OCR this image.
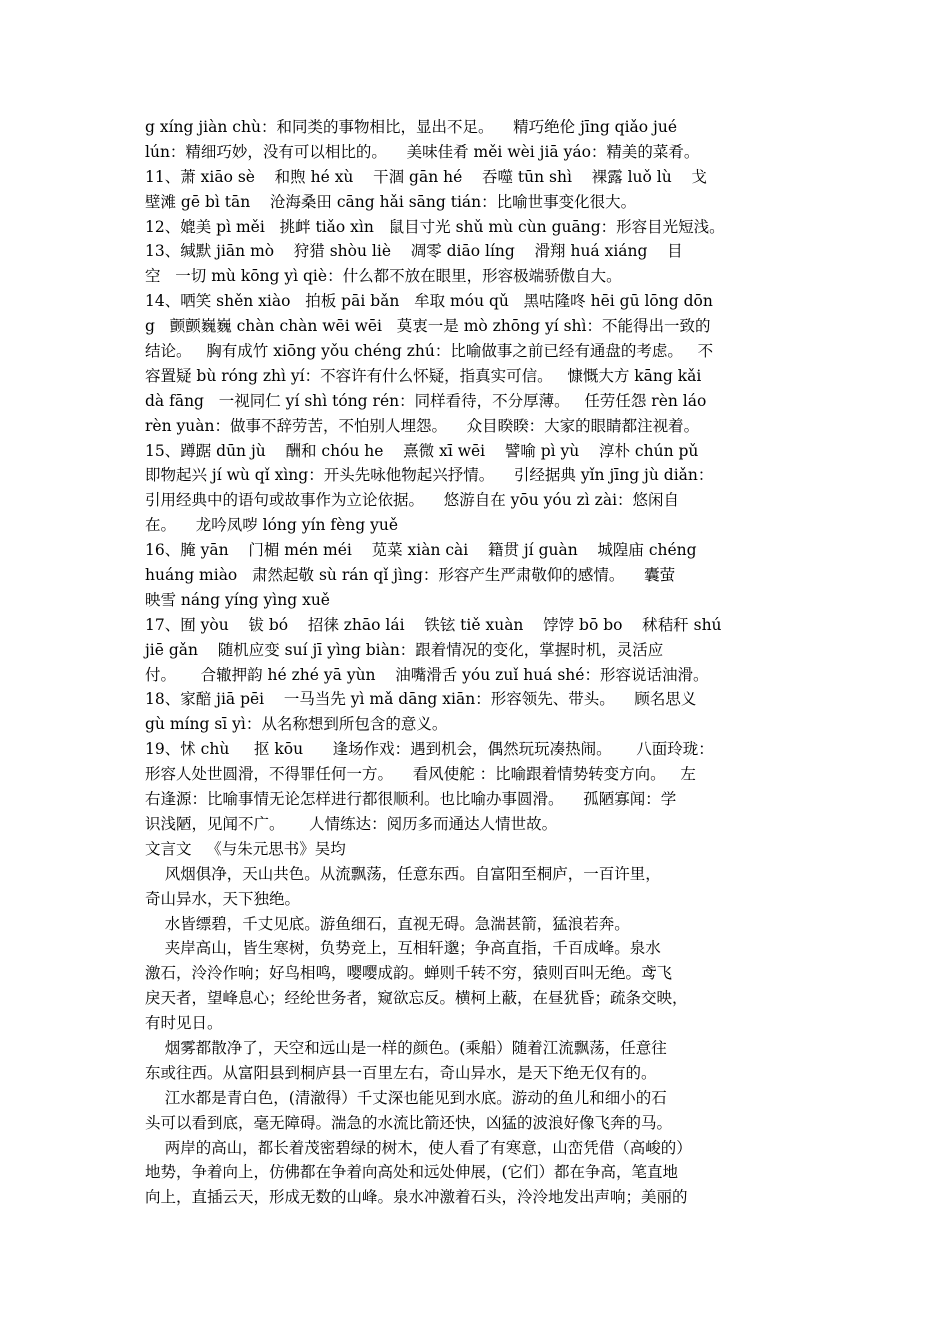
g xíng jiàn chù：和同类的事物相比，显出不足。    精巧绝伦 jīng qiǎo jué
lún：精细巧妙，没有可以相比的。    美味佳肴 měi wèi jiā yáo：精美的菜肴。
11、萧 xiāo sè    和煦 hé xù    干涸 gān hé    吞噬 tūn shì    裸露 luǒ lù    戈
壁滩 gē bì tān    沧海桑田 cāng hǎi sāng tián：比喻世事变化很大。
12、媲美 pì měi   挑衅 tiǎo xìn   鼠目寸光 shǔ mù cùn guāng：形容目光短浅。
13、缄默 jiān mò    狩猎 shòu liè    凋零 diāo líng    滑翔 huá xiáng    目
空   一切 mù kōng yì qiè：什么都不放在眼里，形容极端骄傲自大。
14、哂笑 shěn xiào   拍板 pāi bǎn   牟取 móu qǔ   黑咕隆咚 hēi gū lōng dōn
g   颤颤巍巍 chàn chàn wēi wēi   莫衷一是 mò zhōng yí shì：不能得出一致的
结论。   胸有成竹 xiōng yǒu chéng zhú：比喻做事之前已经有通盘的考虑。   不
容置疑 bù róng zhì yí：不容许有什么怀疑，指真实可信。   慷慨大方 kāng kǎi
dà fāng   一视同仁 yí shì tóng rén：同样看待，不分厚薄。   任劳任怨 rèn láo
rèn yuàn：做事不辞劳苦，不怕别人埋怨。    众目睽睽：大家的眼睛都注视着。
15、蹲踞 dūn jù    酬和 chóu he    熹微 xī wēi    譬喻 pì yù    淳朴 chún pǔ
即物起兴 jí wù qǐ xìng：开头先咏他物起兴抒情。    引经据典 yǐn jīng jù diǎn：
引用经典中的语句或故事作为立论依据。    悠游自在 yōu yóu zì zài：悠闲自
在。    龙吟凤哕 lóng yín fèng yuě
16、腌 yān    门楣 mén méi    苋菜 xiàn cài    籍贯 jí guàn    城隍庙 chéng
huáng miào   肃然起敬 sù rán qǐ jìng：形容产生严肃敬仰的感情。    囊萤
映雪 náng yíng yìng xuě
17、囿 yòu    钹 bó    招徕 zhāo lái    铁铉 tiě xuàn    饽饽 bō bo    秫秸秆 shú
jiē gǎn    随机应变 suí jī yìng biàn：跟着情况的变化，掌握时机，灵活应
付。     合辙押韵 hé zhé yā yùn    油嘴滑舌 yóu zuǐ huá shé：形容说话油滑。
18、家醅 jiā pēi    一马当先 yì mǎ dāng xiān：形容领先、带头。    顾名思义
gù míng sī yì：从名称想到所包含的意义。
19、怵 chù     抠 kōu      逢场作戏：遇到机会，偶然玩玩凑热闹。     八面玲珑：
形容人处世圆滑，不得罪任何一方。    看风使舵 ：比喻跟着情势转变方向。   左
右逢源：比喻事情无论怎样进行都很顺利。也比喻办事圆滑。    孤陋寡闻：学
识浅陋，见闻不广。     人情练达：阅历多而通达人情世故。
文言文   《与朱元思书》吴均
风烟俱净，天山共色。从流飘荡，任意东西。自富阳至桐庐，一百许里，
奇山异水，天下独绝。
水皆缥碧，千丈见底。游鱼细石，直视无碍。急湍甚箭，猛浪若奔。
夹岸高山，皆生寒树，负势竞上，互相轩邈；争高直指，千百成峰。泉水
激石，泠泠作响；好鸟相鸣，嘤嘤成韵。蝉则千转不穷，猿则百叫无绝。鸢飞
戾天者，望峰息心；经纶世务者，窥欲忘反。横柯上蔽，在昼犹昏；疏条交映，
有时见日。
烟雾都散净了，天空和远山是一样的颜色。(乘船）随着江流飘荡，任意往
东或往西。从富阳县到桐庐县一百里左右，奇山异水，是天下绝无仅有的。
江水都是青白色，(清澈得）千丈深也能见到水底。游动的鱼儿和细小的石
头可以看到底，毫无障碍。湍急的水流比箭还快，凶猛的波浪好像飞奔的马。
两岸的高山，都长着茂密碧绿的树木，使人看了有寒意，山峦凭借（高峻的）
地势，争着向上，仿佛都在争着向高处和远处伸展，(它们）都在争高，笔直地
向上，直插云天，形成无数的山峰。泉水冲激着石头，泠泠地发出声响；美丽的
